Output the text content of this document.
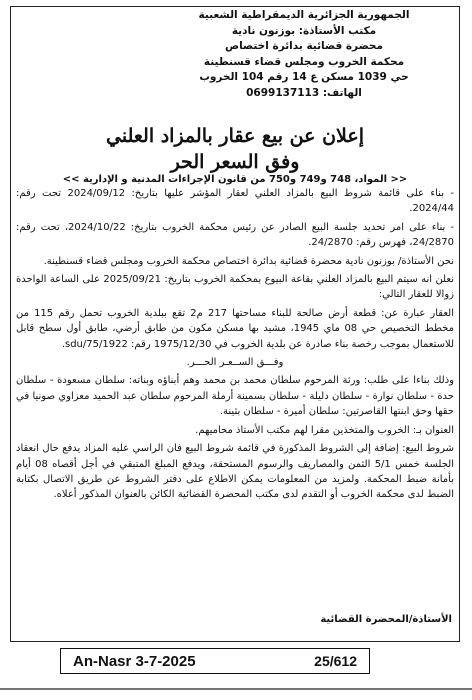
الجمهورية الجزائرية الديمقراطية الشعبية
مكتب الأستاذة: بوزنون نادية
محضرة قضائية بدائرة اختصاص
محكمة الخروب ومجلس قضاء قسنطينة
حي 1039 مسكن ع 14 رقم 104 الخروب
الهاتف: 0699137113
إعلان عن بيع عقار بالمزاد العلني
وفق السعر الحر
<< المواد، 748 و749 و750 من قانون الإجراءات المدنية و الإدارية >>

- بناء على قائمة شروط البيع بالمزاد العلني لعقار المؤشر عليها بتاريخ: 2024/09/12 تحت رقم: 2024/44.

- بناء على امر تحديد جلسة البيع الصادر عن رئيس محكمة الخروب بتاريخ: 2024/10/22، تحت رقم: 24/2870، فهرس رقم: 24/2870.

نحن الأستاذة/ بوزنون نادية محضرة قضائية بدائرة اختصاص محكمة الخروب ومجلس قضاء قسنطينة.

نعلن انه سيتم البيع بالمزاد العلني بقاعة البيوع بمحكمة الخروب بتاريخ: 2025/09/21 على الساعة الواحدة زوالا للعقار التالي:

العقار عبارة عن: قطعة أرض صالحة للبناء مساحتها 217 م2 تقع ببلدية الخروب تحمل رقم 115 من مخطط التخصيص حي 08 ماي 1945، مشيد بها مسكن مكون من طابق أرضي، طابق أول سطح قابل للاستعمال بموجب رخصة بناء صادرة عن بلدية الخروب في 1975/12/30 رقم: sdu/75/1922.

وفـــق الســعـر الحـــر.

وذلك بناءا على طلب: ورثة المرحوم سلطان محمد بن محمد وهم أبناؤه وبناته: سلطان مسعودة - سلطان حدة - سلطان نوارة - سلطان دليلة - سلطان بسمينة أرملة المرحوم سلطان عبد الحميد معزاوي صونيا في حقها وحق ابنتها القاصرتين: سلطان أميرة - سلطان بثينة.

العنوان بـ: الخروب والمتخذين مقرا لهم مكتب الأستاذ محاميهم.

شروط البيع: إضافة إلى الشروط المذكورة في قائمة شروط البيع فان الراسي عليه المزاد يدفع حال انعقاد الجلسة خمس 5/1 الثمن والمصاريف والرسوم المستحقة، ويدفع المبلغ المتبقي في أجل أقصاه 08 أيام بأمانة ضبط المحكمة. ولمزيد من المعلومات يمكن الاطلاع على دفتر الشروط عن طريق الاتصال بكتابة الضبط لدى محكمة الخروب أو التقدم لدى مكتب المحضرة القضائية الكائن بالعنوان المذكور أعلاه.

الأستاذة/المحضرة القضائية
An-Nasr 3-7-2025	25/612
